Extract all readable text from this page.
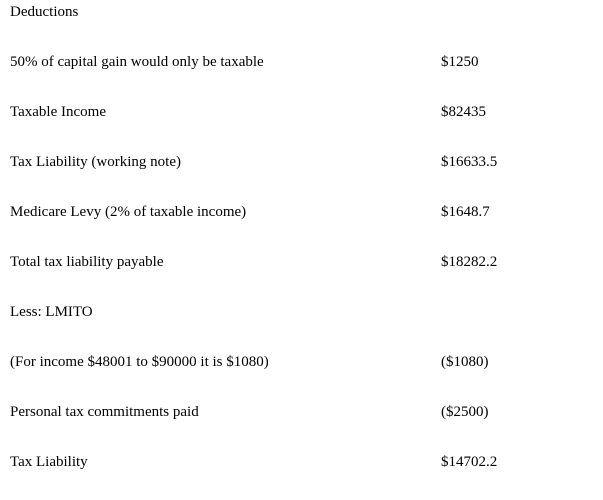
Deductions
50% of capital gain would only be taxable	$1250
Taxable Income	$82435
Tax Liability (working note)	$16633.5
Medicare Levy (2% of taxable income)	$1648.7
Total tax liability payable	$18282.2
Less: LMITO
(For income $48001 to $90000 it is $1080)	($1080)
Personal tax commitments paid	($2500)
Tax Liability	$14702.2
